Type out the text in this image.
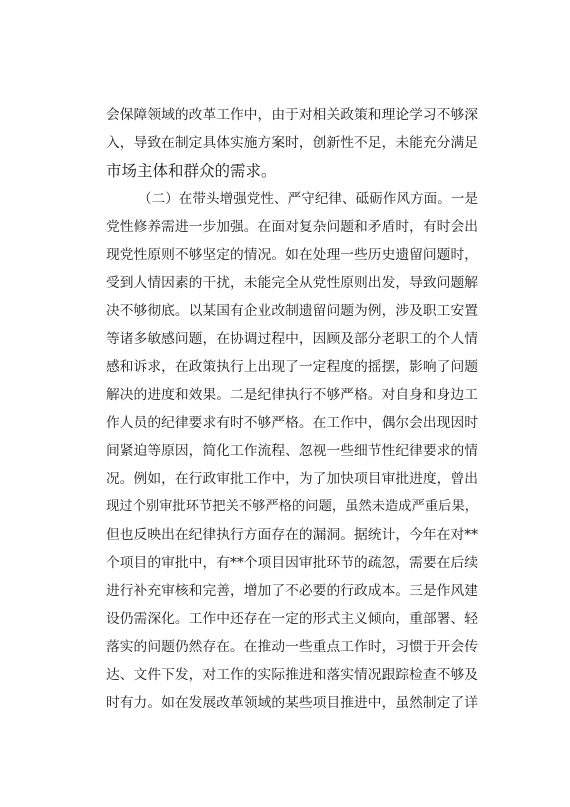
会保障领域的改革工作中，由于对相关政策和理论学习不够深
入，导致在制定具体实施方案时，创新性不足，未能充分满足
市场主体和群众的需求。
（二）在带头增强党性、严守纪律、砥砺作风方面。一是
党性修养需进一步加强。在面对复杂问题和矛盾时，有时会出
现党性原则不够坚定的情况。如在处理一些历史遗留问题时，
受到人情因素的干扰，未能完全从党性原则出发，导致问题解
决不够彻底。以某国有企业改制遗留问题为例，涉及职工安置
等诸多敏感问题，在协调过程中，因顾及部分老职工的个人情
感和诉求，在政策执行上出现了一定程度的摇摆，影响了问题
解决的进度和效果。二是纪律执行不够严格。对自身和身边工
作人员的纪律要求有时不够严格。在工作中，偶尔会出现因时
间紧迫等原因，简化工作流程、忽视一些细节性纪律要求的情
况。例如，在行政审批工作中，为了加快项目审批进度，曾出
现过个别审批环节把关不够严格的问题，虽然未造成严重后果，
但也反映出在纪律执行方面存在的漏洞。据统计，今年在对**
个项目的审批中，有**个项目因审批环节的疏忽，需要在后续
进行补充审核和完善，增加了不必要的行政成本。三是作风建
设仍需深化。工作中还存在一定的形式主义倾向，重部署、轻
落实的问题仍然存在。在推动一些重点工作时，习惯于开会传
达、文件下发，对工作的实际推进和落实情况跟踪检查不够及
时有力。如在发展改革领域的某些项目推进中，虽然制定了详
